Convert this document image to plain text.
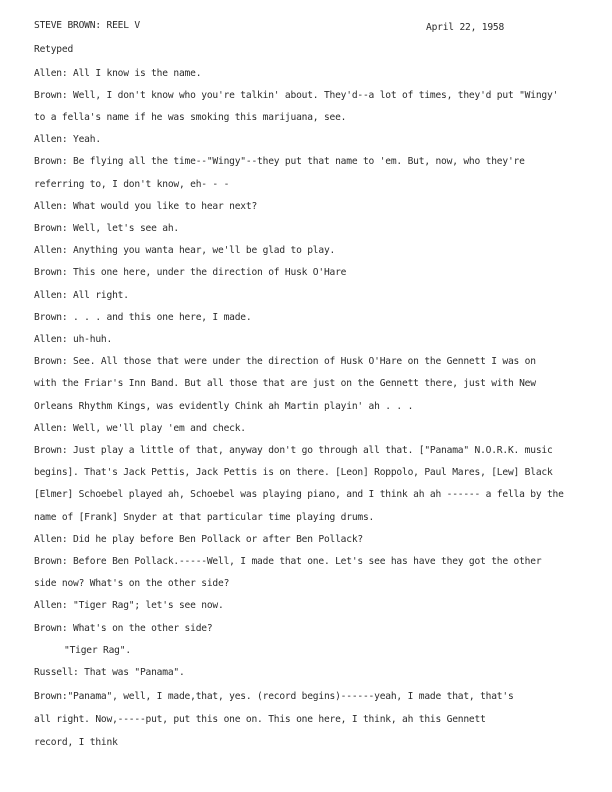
STEVE BROWN: REEL V	April 22, 1958
Retyped
Allen: All I know is the name.
Brown: Well, I don't know who you're talkin' about. They'd--a lot of times, they'd put "Wingy'
to a fella's name if he was smoking this marijuana, see.
Allen: Yeah.
Brown: Be flying all the time--"Wingy"--they put that name to 'em. But, now, who they're
referring to, I don't know, eh- - -
Allen: What would you like to hear next?
Brown: Well, let's see ah.
Allen: Anything you wanta hear, we'll be glad to play.
Brown: This one here, under the direction of Husk O'Hare
Allen: All right.
Brown: . . . and this one here, I made.
Allen: uh-huh.
Brown: See. All those that were under the direction of Husk O'Hare on the Gennett I was on
with the Friar's Inn Band. But all those that are just on the Gennett there, just with New
Orleans Rhythm Kings, was evidently Chink ah Martin playin' ah . . .
Allen: Well, we'll play 'em and check.
Brown: Just play a little of that, anyway don't go through all that. ["Panama" N.O.R.K. music
begins]. That's Jack Pettis, Jack Pettis is on there. [Leon] Roppolo, Paul Mares, [Lew] Black
[Elmer] Schoebel played ah, Schoebel was playing piano, and I think ah ah ------ a fella by the
name of [Frank] Snyder at that particular time playing drums.
Allen: Did he play before Ben Pollack or after Ben Pollack?
Brown: Before Ben Pollack.-----Well, I made that one. Let's see has have they got the other
side now? What's on the other side?
Allen: "Tiger Rag"; let's see now.
Brown: What's on the other side?
"Tiger Rag".
Russell: That was "Panama".
Brown:"Panama", well, I made,that, yes. (record begins)------yeah, I made that, that's
all right. Now,-----put, put this one on. This one here, I think, ah this Gennett
record, I think
